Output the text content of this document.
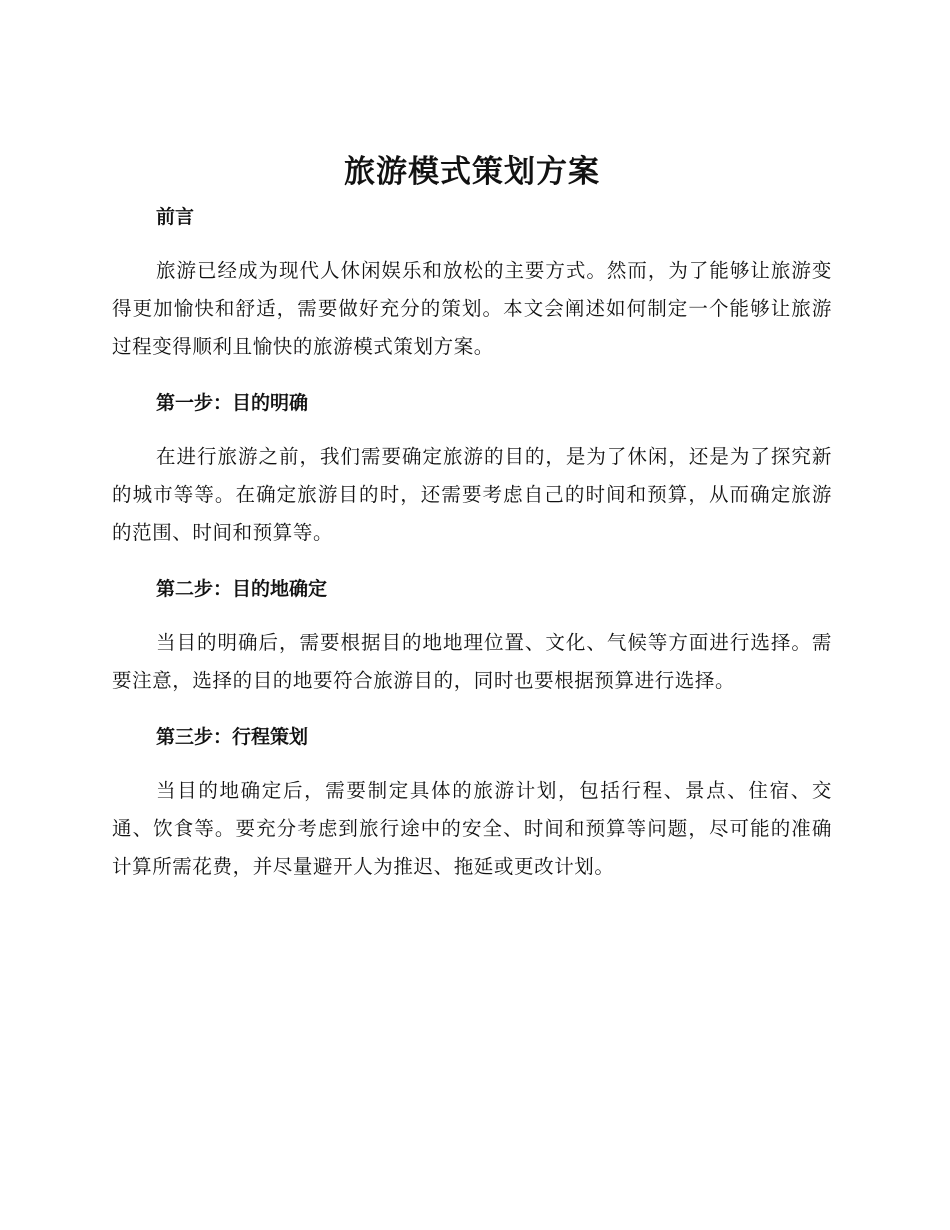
旅游模式策划方案
前言

旅游已经成为现代人休闲娱乐和放松的主要方式。然而，为了能够让旅游变得更加愉快和舒适，需要做好充分的策划。本文会阐述如何制定一个能够让旅游过程变得顺利且愉快的旅游模式策划方案。

第一步：目的明确

在进行旅游之前，我们需要确定旅游的目的，是为了休闲，还是为了探究新的城市等等。在确定旅游目的时，还需要考虑自己的时间和预算，从而确定旅游的范围、时间和预算等。

第二步：目的地确定

当目的明确后，需要根据目的地地理位置、文化、气候等方面进行选择。需要注意，选择的目的地要符合旅游目的，同时也要根据预算进行选择。

第三步：行程策划

当目的地确定后，需要制定具体的旅游计划，包括行程、景点、住宿、交通、饮食等。要充分考虑到旅行途中的安全、时间和预算等问题，尽可能的准确计算所需花费，并尽量避开人为推迟、拖延或更改计划。
